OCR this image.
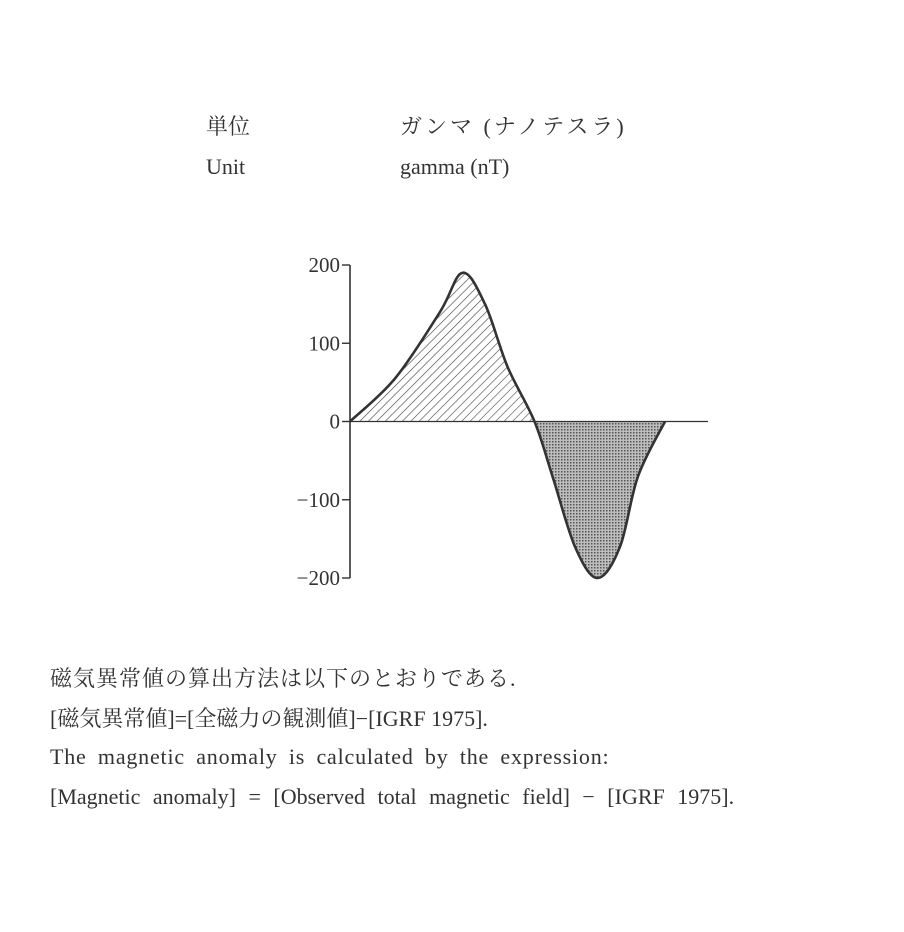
単位	ガンマ (ナノテスラ)
Unit	gamma (nT)
200
100
0
−100
−200
磁気異常値の算出方法は以下のとおりである.
[磁気異常値]=[全磁力の観測値]−[IGRF 1975].
The magnetic anomaly is calculated by the expression:
[Magnetic anomaly] = [Observed total magnetic field] − [IGRF 1975].
